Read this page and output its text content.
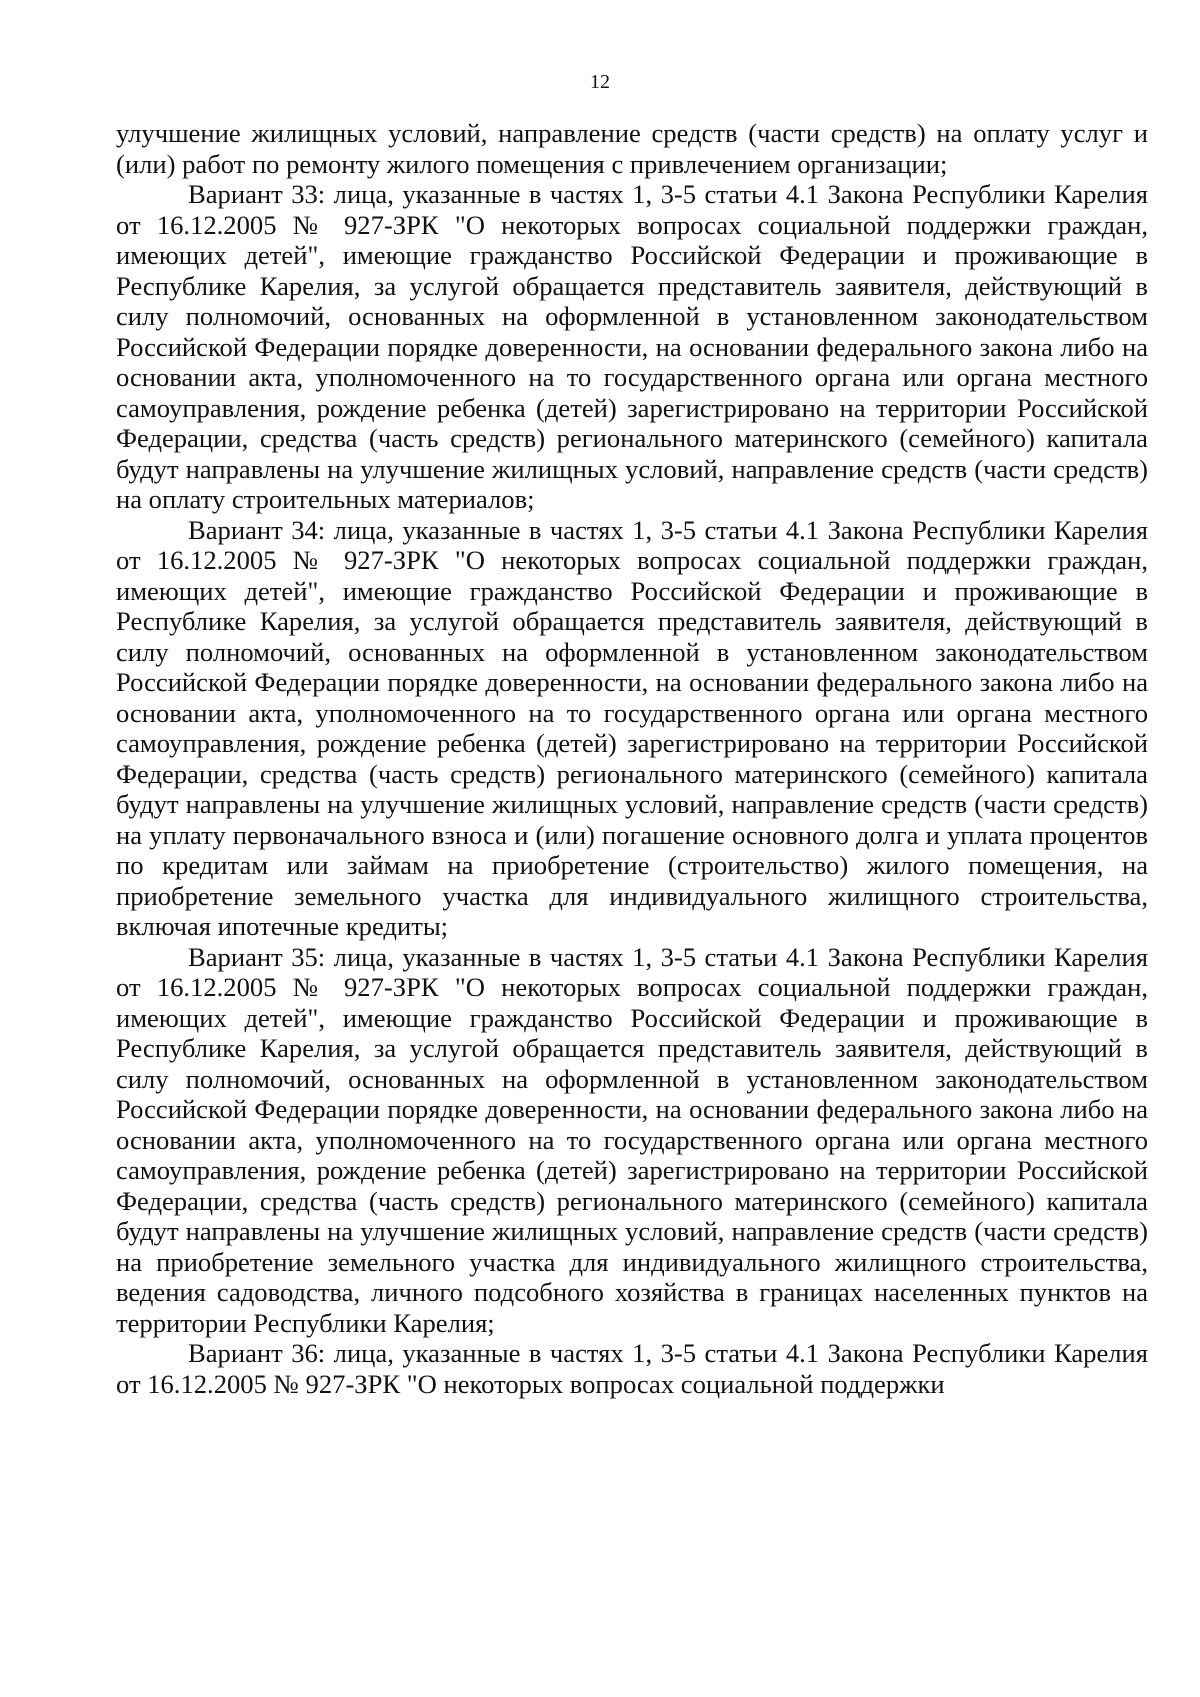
12

улучшение жилищных условий, направление средств (части средств) на оплату услуг и (или) работ по ремонту жилого помещения с привлечением организации;

Вариант 33: лица, указанные в частях 1, 3-5 статьи 4.1 Закона Республики Карелия от 16.12.2005 № 927-ЗРК "О некоторых вопросах социальной поддержки граждан, имеющих детей", имеющие гражданство Российской Федерации и проживающие в Республике Карелия, за услугой обращается представитель заявителя, действующий в силу полномочий, основанных на оформленной в установленном законодательством Российской Федерации порядке доверенности, на основании федерального закона либо на основании акта, уполномоченного на то государственного органа или органа местного самоуправления, рождение ребенка (детей) зарегистрировано на территории Российской Федерации, средства (часть средств) регионального материнского (семейного) капитала будут направлены на улучшение жилищных условий, направление средств (части средств) на оплату строительных материалов;

Вариант 34: лица, указанные в частях 1, 3-5 статьи 4.1 Закона Республики Карелия от 16.12.2005 № 927-ЗРК "О некоторых вопросах социальной поддержки граждан, имеющих детей", имеющие гражданство Российской Федерации и проживающие в Республике Карелия, за услугой обращается представитель заявителя, действующий в силу полномочий, основанных на оформленной в установленном законодательством Российской Федерации порядке доверенности, на основании федерального закона либо на основании акта, уполномоченного на то государственного органа или органа местного самоуправления, рождение ребенка (детей) зарегистрировано на территории Российской Федерации, средства (часть средств) регионального материнского (семейного) капитала будут направлены на улучшение жилищных условий, направление средств (части средств) на уплату первоначального взноса и (или) погашение основного долга и уплата процентов по кредитам или займам на приобретение (строительство) жилого помещения, на приобретение земельного участка для индивидуального жилищного строительства, включая ипотечные кредиты;

Вариант 35: лица, указанные в частях 1, 3-5 статьи 4.1 Закона Республики Карелия от 16.12.2005 № 927-ЗРК "О некоторых вопросах социальной поддержки граждан, имеющих детей", имеющие гражданство Российской Федерации и проживающие в Республике Карелия, за услугой обращается представитель заявителя, действующий в силу полномочий, основанных на оформленной в установленном законодательством Российской Федерации порядке доверенности, на основании федерального закона либо на основании акта, уполномоченного на то государственного органа или органа местного самоуправления, рождение ребенка (детей) зарегистрировано на территории Российской Федерации, средства (часть средств) регионального материнского (семейного) капитала будут направлены на улучшение жилищных условий, направление средств (части средств) на приобретение земельного участка для индивидуального жилищного строительства, ведения садоводства, личного подсобного хозяйства в границах населенных пунктов на территории Республики Карелия;

Вариант 36: лица, указанные в частях 1, 3-5 статьи 4.1 Закона Республики Карелия от 16.12.2005 № 927-ЗРК "О некоторых вопросах социальной поддержки
